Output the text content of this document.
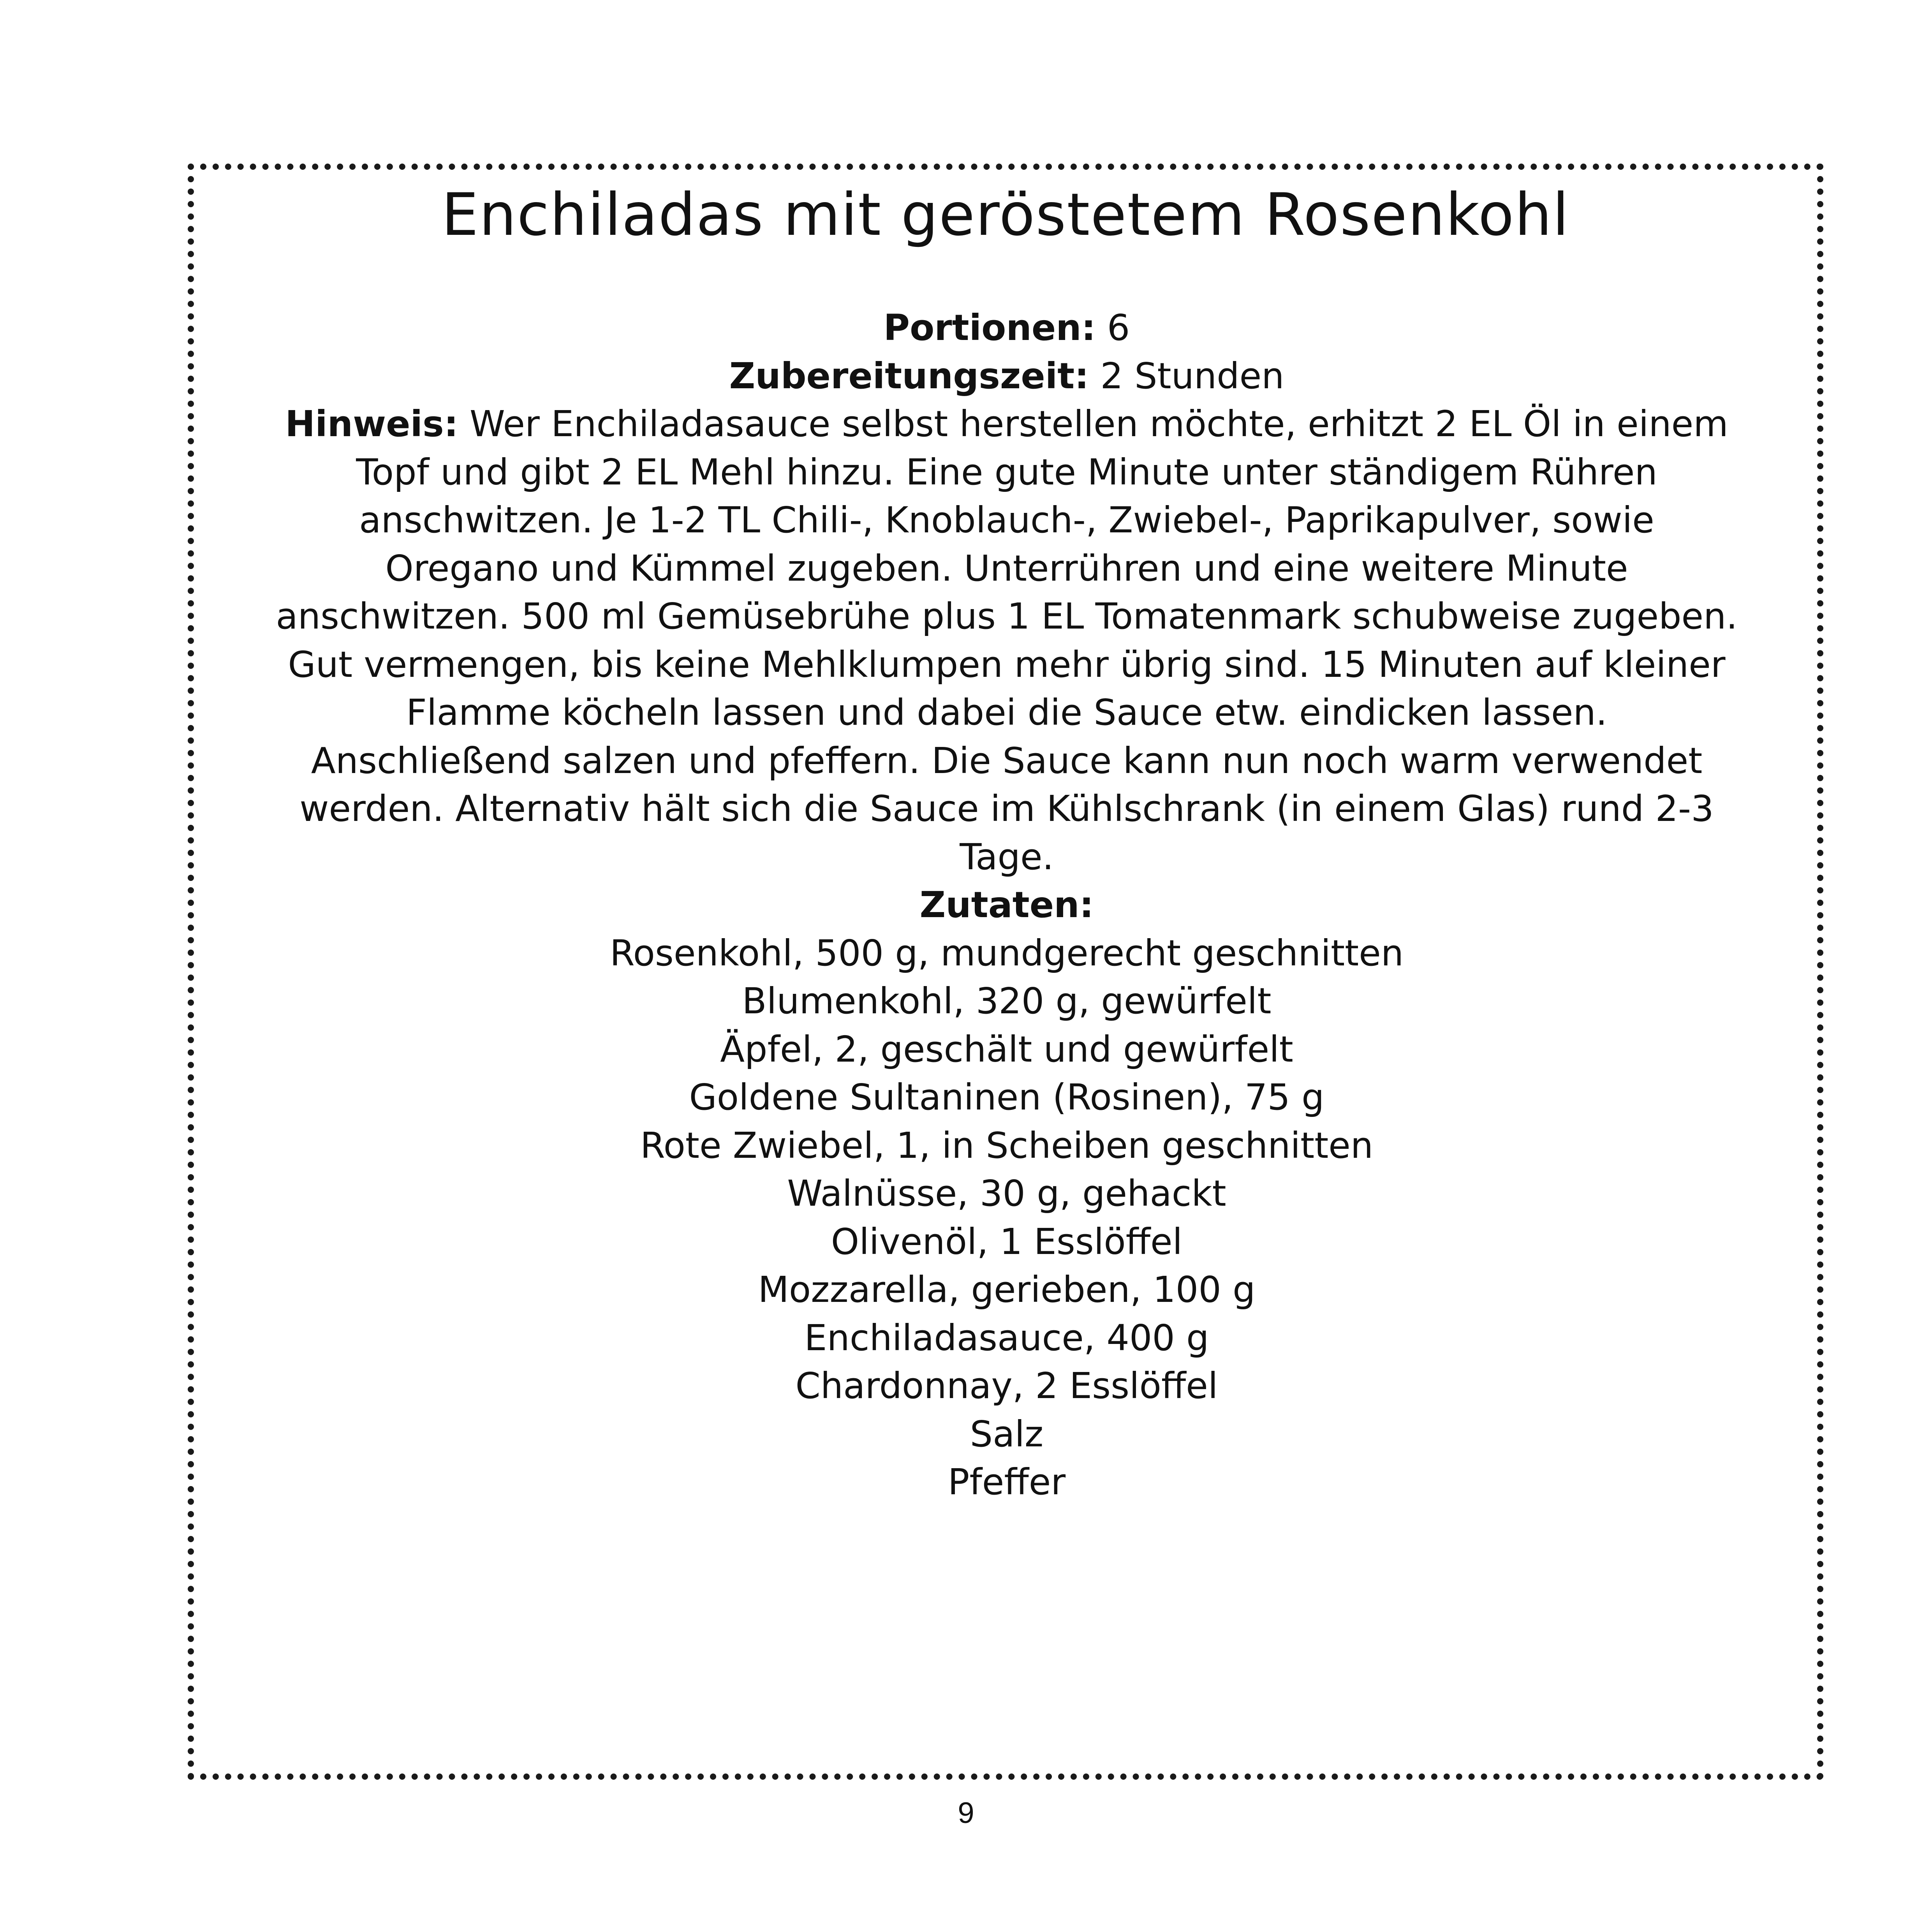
Enchiladas mit geröstetem Rosenkohl
Portionen: 6
Zubereitungszeit: 2 Stunden
Hinweis: Wer Enchiladasauce selbst herstellen möchte, erhitzt 2 EL Öl in einem
Topf und gibt 2 EL Mehl hinzu. Eine gute Minute unter ständigem Rühren
anschwitzen. Je 1-2 TL Chili-, Knoblauch-, Zwiebel-, Paprikapulver, sowie
Oregano und Kümmel zugeben. Unterrühren und eine weitere Minute
anschwitzen. 500 ml Gemüsebrühe plus 1 EL Tomatenmark schubweise zugeben.
Gut vermengen, bis keine Mehlklumpen mehr übrig sind. 15 Minuten auf kleiner
Flamme köcheln lassen und dabei die Sauce etw. eindicken lassen.
Anschließend salzen und pfeffern. Die Sauce kann nun noch warm verwendet
werden. Alternativ hält sich die Sauce im Kühlschrank (in einem Glas) rund 2-3
Tage.
Zutaten:
Rosenkohl, 500 g, mundgerecht geschnitten
Blumenkohl, 320 g, gewürfelt
Äpfel, 2, geschält und gewürfelt
Goldene Sultaninen (Rosinen), 75 g
Rote Zwiebel, 1, in Scheiben geschnitten
Walnüsse, 30 g, gehackt
Olivenöl, 1 Esslöffel
Mozzarella, gerieben, 100 g
Enchiladasauce, 400 g
Chardonnay, 2 Esslöffel
Salz
Pfeffer
9
